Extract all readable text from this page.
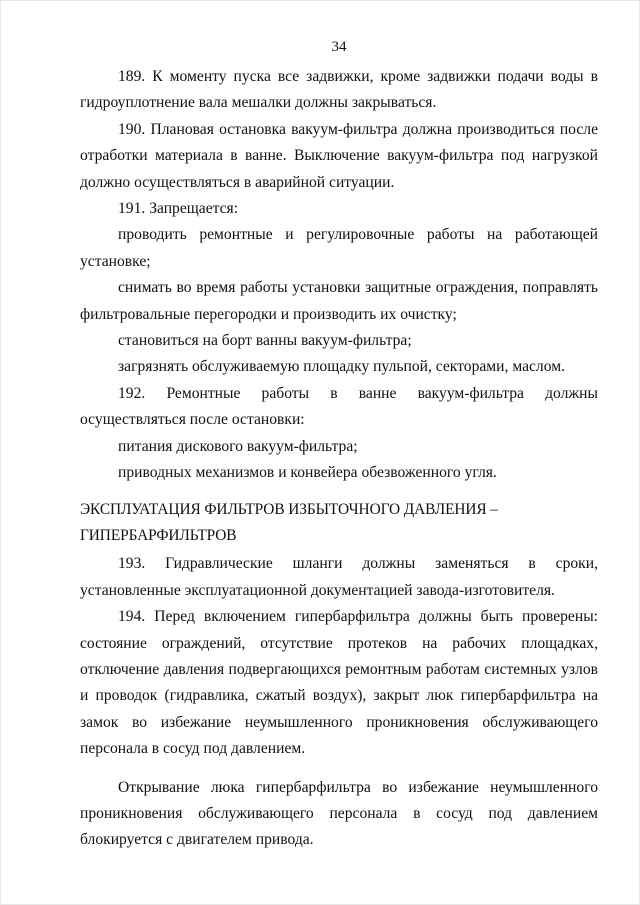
34

189. К моменту пуска все задвижки, кроме задвижки подачи воды в гидроуплотнение вала мешалки должны закрываться.

190. Плановая остановка вакуум-фильтра должна производиться после отработки материала в ванне. Выключение вакуум-фильтра под нагрузкой должно осуществляться в аварийной ситуации.

191. Запрещается:

проводить ремонтные и регулировочные работы на работающей установке;

снимать во время работы установки защитные ограждения, поправлять фильтровальные перегородки и производить их очистку;

становиться на борт ванны вакуум-фильтра;

загрязнять обслуживаемую площадку пульпой, секторами, маслом.

192. Ремонтные работы в ванне вакуум-фильтра должны осуществляться после остановки:

питания дискового вакуум-фильтра;

приводных механизмов и конвейера обезвоженного угля.

ЭКСПЛУАТАЦИЯ ФИЛЬТРОВ ИЗБЫТОЧНОГО ДАВЛЕНИЯ – ГИПЕРБАРФИЛЬТРОВ

193. Гидравлические шланги должны заменяться в сроки, установленные эксплуатационной документацией завода-изготовителя.

194. Перед включением гипербарфильтра должны быть проверены: состояние ограждений, отсутствие протеков на рабочих площадках, отключение давления подвергающихся ремонтным работам системных узлов и проводок (гидравлика, сжатый воздух), закрыт люк гипербарфильтра на замок во избежание неумышленного проникновения обслуживающего персонала в сосуд под давлением.

Открывание люка гипербарфильтра во избежание неумышленного проникновения обслуживающего персонала в сосуд под давлением блокируется с двигателем привода.
